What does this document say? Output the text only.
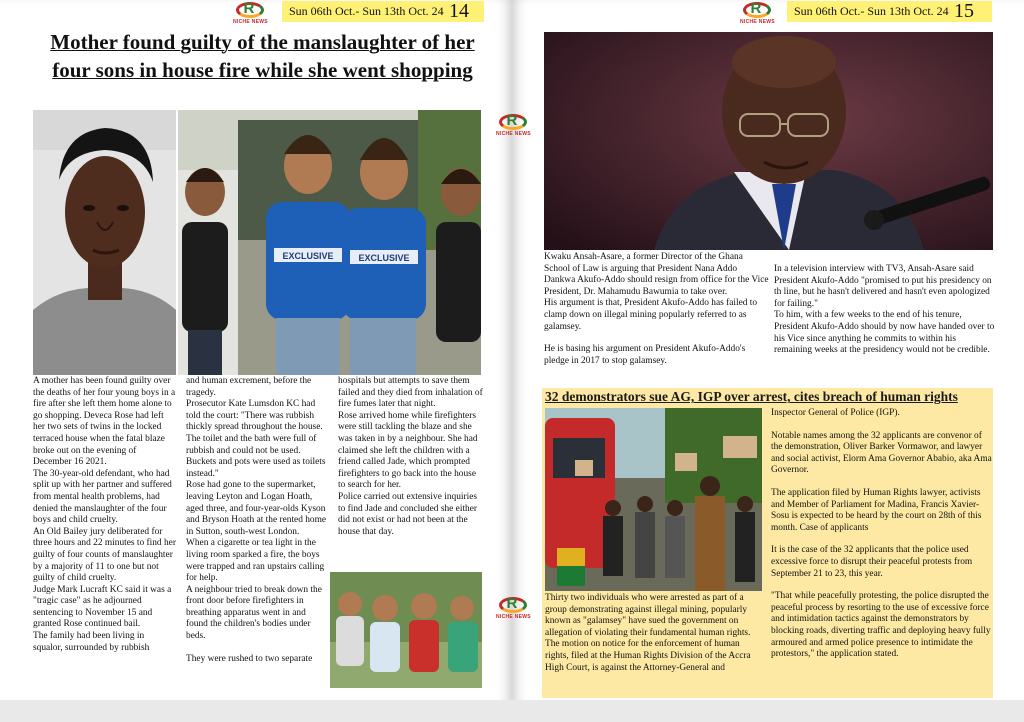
R
NICHE NEWS
Sun 06th Oct.- Sun 13th Oct. 24 14
Mother found guilty of the manslaughter of her four sons in house fire while she went shopping
EXCLUSIVE	EXCLUSIVE

A mother has been found guilty over the deaths of her four young boys in a fire after she left them home alone to go shopping. Deveca Rose had left her two sets of twins in the locked terraced house when the fatal blaze broke out on the evening of December 16 2021.

The 30-year-old defendant, who had split up with her partner and suffered from mental health problems, had denied the manslaughter of the four boys and child cruelty.

An Old Bailey jury deliberated for three hours and 22 minutes to find her guilty of four counts of manslaughter by a majority of 11 to one but not guilty of child cruelty.

Judge Mark Lucraft KC said it was a "tragic case" as he adjourned sentencing to November 15 and granted Rose continued bail.

The family had been living in squalor, surrounded by rubbish

and human excrement, before the tragedy.

Prosecutor Kate Lumsdon KC had told the court: "There was rubbish thickly spread throughout the house. The toilet and the bath were full of rubbish and could not be used. Buckets and pots were used as toilets instead."

Rose had gone to the supermarket, leaving Leyton and Logan Hoath, aged three, and four-year-olds Kyson and Bryson Hoath at the rented home in Sutton, south-west London.

When a cigarette or tea light in the living room sparked a fire, the boys were trapped and ran upstairs calling for help.

A neighbour tried to break down the front door before firefighters in breathing apparatus went in and found the children's bodies under beds.

They were rushed to two separate

hospitals but attempts to save them failed and they died from inhalation of fire fumes later that night.

Rose arrived home while firefighters were still tackling the blaze and she was taken in by a neighbour. She had claimed she left the children with a friend called Jade, which prompted firefighters to go back into the house to search for her.

Police carried out extensive inquiries to find Jade and concluded she either did not exist or had not been at the house that day.

R
NICHE NEWS
Sun 06th Oct.- Sun 13th Oct. 24 15

Kwaku Ansah-Asare, a former Director of the Ghana School of Law is arguing that President Nana Addo Dankwa Akufo-Addo should resign from office for the Vice President, Dr. Mahamudu Bawumia to take over.

His argument is that, President Akufo-Addo has failed to clamp down on illegal mining popularly referred to as galamsey.

He is basing his argument on President Akufo-Addo's pledge in 2017 to stop galamsey.

In a television interview with TV3, Ansah-Asare said President Akufo-Addo "promised to put his presidency on th line, but he hasn't delivered and hasn't even apologized for failing."

To him, with a few weeks to the end of his tenure, President Akufo-Addo should by now have handed over to his Vice since anything he commits to within his remaining weeks at the presidency would not be credible.

32 demonstrators sue AG, IGP over arrest, cites breach of human rights

Thirty two individuals who were arrested as part of a group demonstrating against illegal mining, popularly known as "galamsey" have sued the government on allegation of violating their fundamental human rights.

The motion on notice for the enforcement of human rights, filed at the Human Rights Division of the Accra High Court, is against the Attorney-General and

Inspector General of Police (IGP).

Notable names among the 32 applicants are convenor of the demonstration, Oliver Barker Vormawor, and lawyer and social activist, Elorm Ama Governor Ababio, aka Ama Governor.

The application filed by Human Rights lawyer, activists and Member of Parliament for Madina, Francis Xavier-Sosu is expected to be heard by the court on 28th of this month. Case of applicants

It is the case of the 32 applicants that the police used excessive force to disrupt their peaceful protests from September 21 to 23, this year.

"That while peacefully protesting, the police disrupted the peaceful process by resorting to the use of excessive force and intimidation tactics against the demonstrators by blocking roads, diverting traffic and deploying heavy fully armoured and armed police presence to intimidate the protestors," the application stated.

R
NICHE NEWS
R
NICHE NEWS
